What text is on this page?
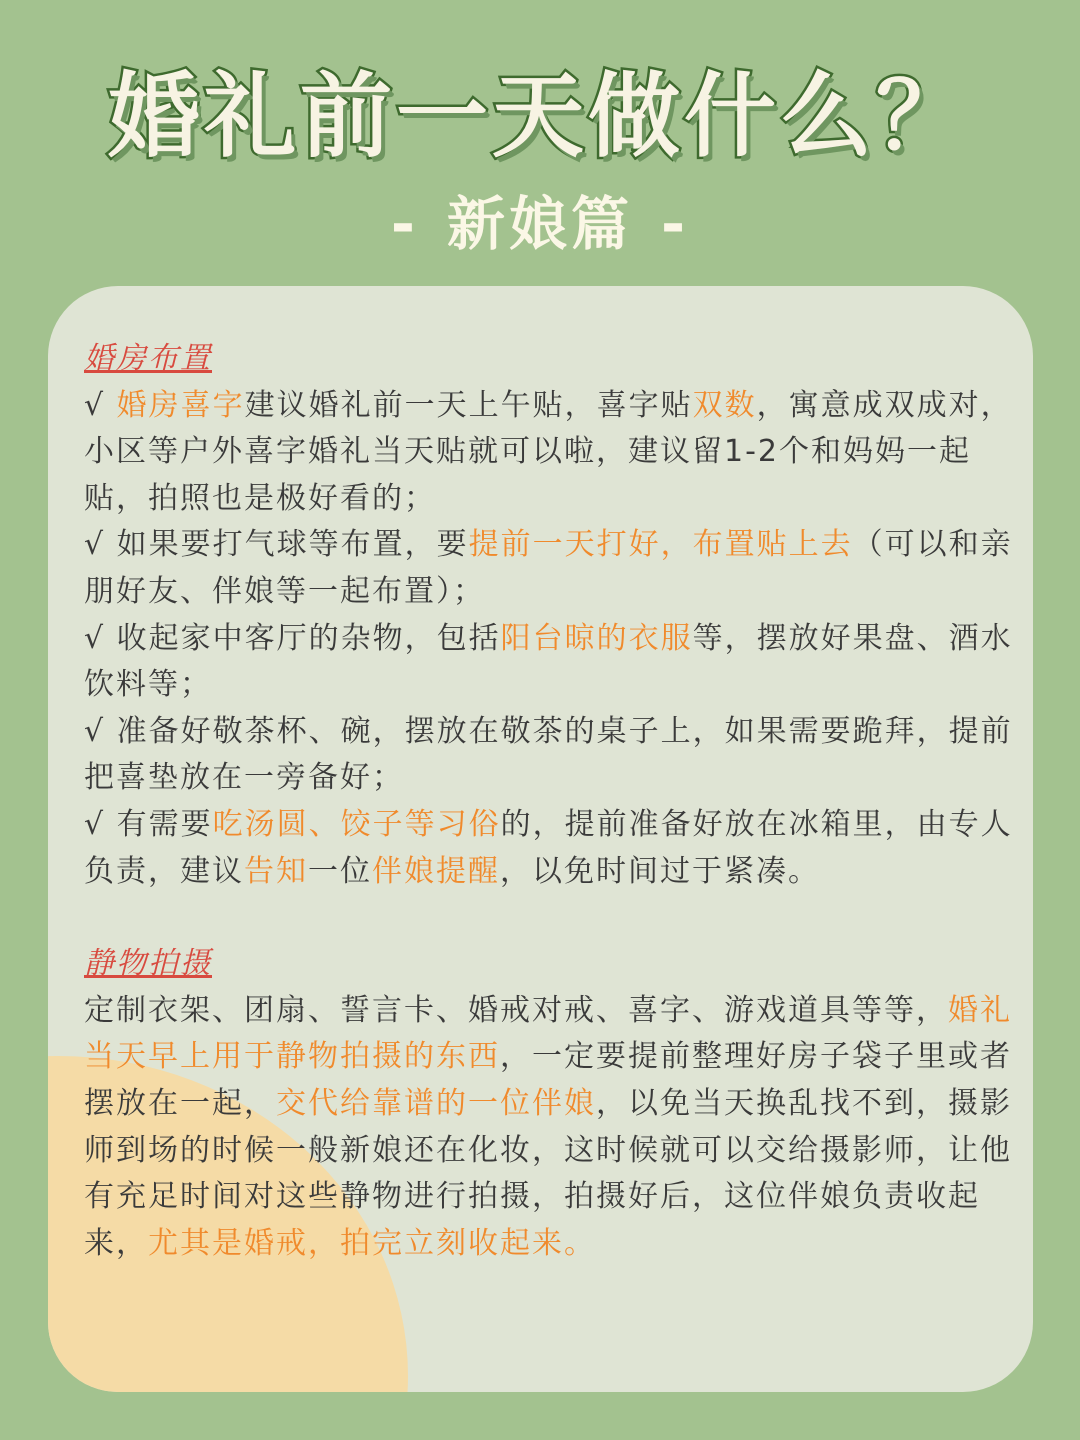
婚礼前一天做什么？
- 新娘篇 -
婚房布置

√ 婚房喜字建议婚礼前一天上午贴，喜字贴双数，寓意成双成对，小区等户外喜字婚礼当天贴就可以啦，建议留1-2个和妈妈一起贴，拍照也是极好看的；

√ 如果要打气球等布置，要提前一天打好，布置贴上去（可以和亲朋好友、伴娘等一起布置）；

√ 收起家中客厅的杂物，包括阳台晾的衣服等，摆放好果盘、酒水饮料等；

√ 准备好敬茶杯、碗，摆放在敬茶的桌子上，如果需要跪拜，提前把喜垫放在一旁备好；

√ 有需要吃汤圆、饺子等习俗的，提前准备好放在冰箱里，由专人负责，建议告知一位伴娘提醒，以免时间过于紧凑。

静物拍摄

定制衣架、团扇、誓言卡、婚戒对戒、喜字、游戏道具等等，婚礼当天早上用于静物拍摄的东西，一定要提前整理好房子袋子里或者摆放在一起，交代给靠谱的一位伴娘，以免当天换乱找不到，摄影师到场的时候一般新娘还在化妆，这时候就可以交给摄影师，让他有充足时间对这些静物进行拍摄，拍摄好后，这位伴娘负责收起来，尤其是婚戒，拍完立刻收起来。
